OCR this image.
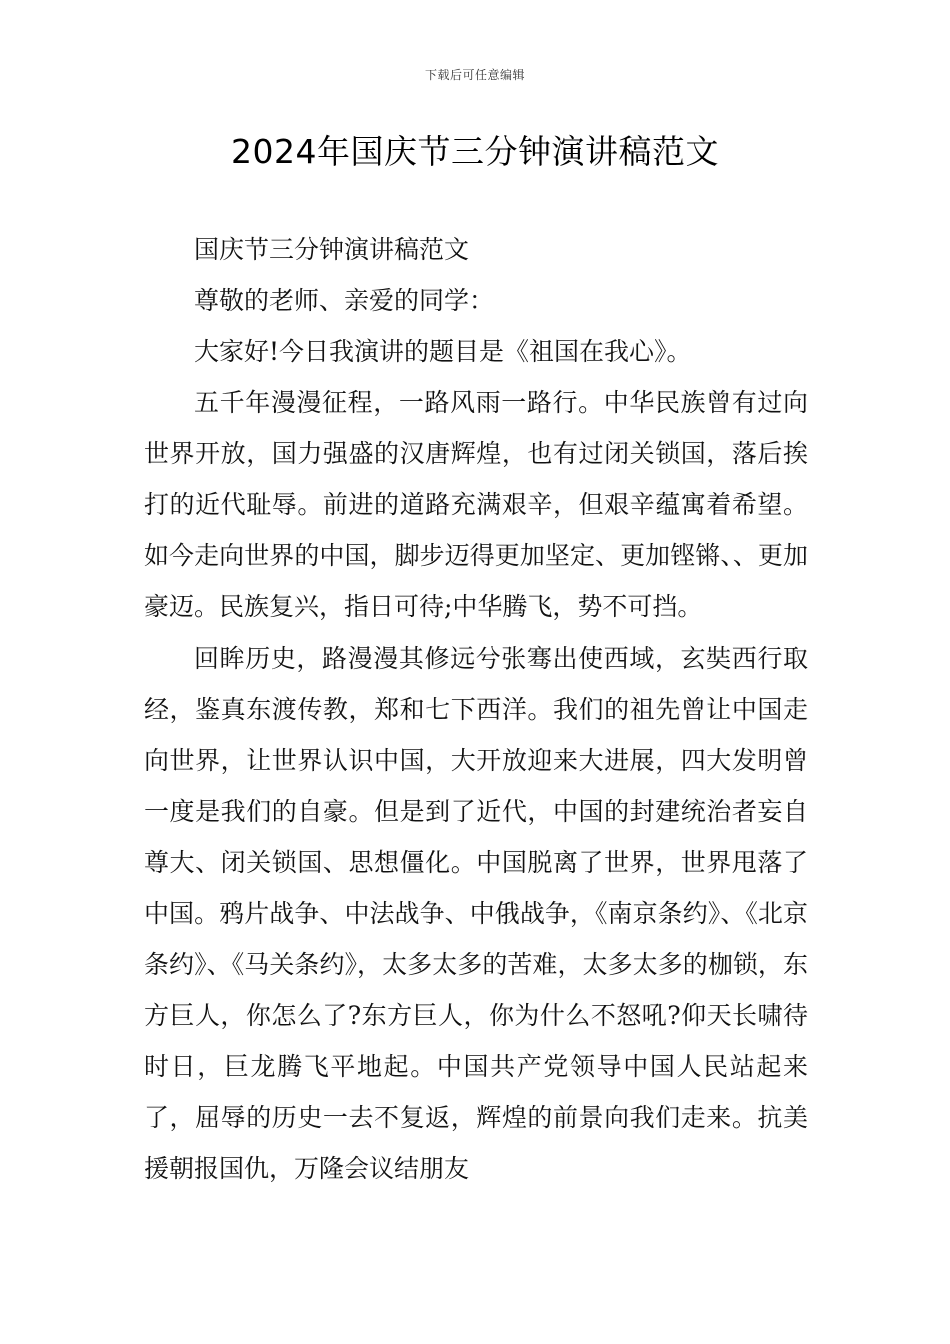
下载后可任意编辑
2024年国庆节三分钟演讲稿范文

国庆节三分钟演讲稿范文

尊敬的老师、亲爱的同学：

大家好!今日我演讲的题目是《祖国在我心》。

五千年漫漫征程，一路风雨一路行。中华民族曾有过向世界开放，国力强盛的汉唐辉煌，也有过闭关锁国，落后挨打的近代耻辱。前进的道路充满艰辛，但艰辛蕴寓着希望。如今走向世界的中国，脚步迈得更加坚定、更加铿锵、、更加豪迈。民族复兴，指日可待;中华腾飞，势不可挡。

回眸历史，路漫漫其修远兮张骞出使西域，玄奘西行取经，鉴真东渡传教，郑和七下西洋。我们的祖先曾让中国走向世界，让世界认识中国，大开放迎来大进展，四大发明曾一度是我们的自豪。但是到了近代，中国的封建统治者妄自尊大、闭关锁国、思想僵化。中国脱离了世界，世界甩落了中国。鸦片战争、中法战争、中俄战争，《南京条约》、《北京条约》、《马关条约》，太多太多的苦难，太多太多的枷锁，东方巨人，你怎么了?东方巨人，你为什么不怒吼?仰天长啸待时日，巨龙腾飞平地起。中国共产党领导中国人民站起来了，屈辱的历史一去不复返，辉煌的前景向我们走来。抗美援朝报国仇，万隆会议结朋友
